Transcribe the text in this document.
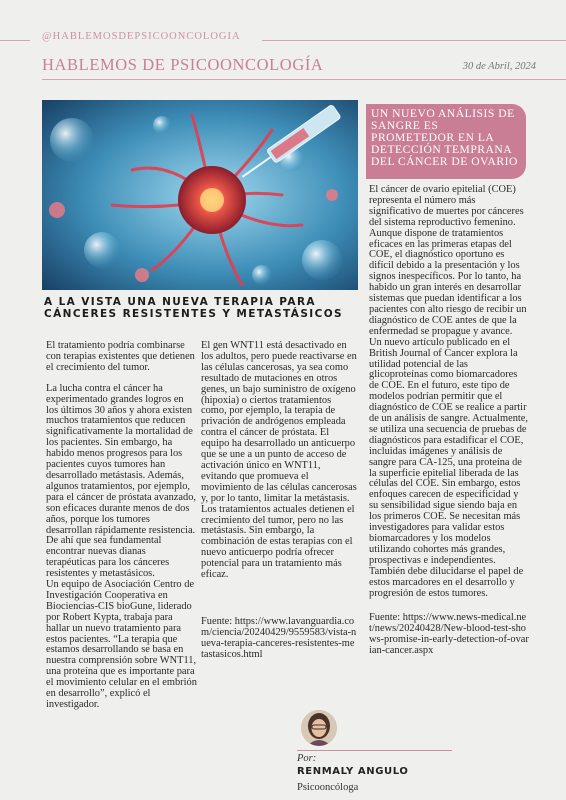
@HABLEMOSDEPSICOONCOLOGIA
HABLEMOS DE PSICOONCOLOGÍA	30 de Abril, 2024
A LA VISTA UNA NUEVA TERAPIA PARA CÁNCERES RESISTENTES Y METASTÁSICOS

El tratamiento podría combinarse con terapias existentes que detienen el crecimiento del tumor.

La lucha contra el cáncer ha experimentado grandes logros en los últimos 30 años y ahora existen muchos tratamientos que reducen significativamente la mortalidad de los pacientes. Sin embargo, ha habido menos progresos para los pacientes cuyos tumores han desarrollado metástasis. Además, algunos tratamientos, por ejemplo, para el cáncer de próstata avanzado, son eficaces durante menos de dos años, porque los tumores desarrollan rápidamente resistencia. De ahí que sea fundamental encontrar nuevas dianas terapéuticas para los cánceres resistentes y metastásicos.

Un equipo de Asociación Centro de Investigación Cooperativa en Biociencias-CIS bioGune, liderado por Robert Kypta, trabaja para hallar un nuevo tratamiento para estos pacientes. “La terapia que estamos desarrollando se basa en nuestra comprensión sobre WNT11, una proteína que es importante para el movimiento celular en el embrión en desarrollo”, explicó el investigador.

El gen WNT11 está desactivado en los adultos, pero puede reactivarse en las células cancerosas, ya sea como resultado de mutaciones en otros genes, un bajo suministro de oxígeno (hipoxia) o ciertos tratamientos como, por ejemplo, la terapia de privación de andrógenos empleada contra el cáncer de próstata. El equipo ha desarrollado un anticuerpo que se une a un punto de acceso de activación único en WNT11, evitando que promueva el movimiento de las células cancerosas y, por lo tanto, limitar la metástasis. Los tratamientos actuales detienen el crecimiento del tumor, pero no las metástasis. Sin embargo, la combinación de estas terapias con el nuevo anticuerpo podría ofrecer potencial para un tratamiento más eficaz.

Fuente: https://www.lavanguardia.com/ciencia/20240429/9559583/vista-nueva-terapia-canceres-resistentes-metastasicos.html

UN NUEVO ANÁLISIS DE SANGRE ES PROMETEDOR EN LA DETECCIÓN TEMPRANA DEL CÁNCER DE OVARIO

El cáncer de ovario epitelial (COE) representa el número más significativo de muertes por cánceres del sistema reproductivo femenino.

Aunque dispone de tratamientos eficaces en las primeras etapas del COE, el diagnóstico oportuno es difícil debido a la presentación y los signos inespecíficos. Por lo tanto, ha habido un gran interés en desarrollar sistemas que puedan identificar a los pacientes con alto riesgo de recibir un diagnóstico de COE antes de que la enfermedad se propague y avance.

Un nuevo artículo publicado en el British Journal of Cancer explora la utilidad potencial de las glicoproteínas como biomarcadores de COE. En el futuro, este tipo de modelos podrían permitir que el diagnóstico de COE se realice a partir de un análisis de sangre. Actualmente, se utiliza una secuencia de pruebas de diagnósticos para estadificar el COE, incluidas imágenes y análisis de sangre para CA-125, una proteína de la superficie epitelial liberada de las células del COE. Sin embargo, estos enfoques carecen de especificidad y su sensibilidad sigue siendo baja en los primeros COE. Se necesitan más investigadores para validar estos biomarcadores y los modelos utilizando cohortes más grandes, prospectivas e independientes. También debe dilucidarse el papel de estos marcadores en el desarrollo y progresión de estos tumores.

Fuente: https://www.news-medical.net/news/20240428/New-blood-test-shows-promise-in-early-detection-of-ovarian-cancer.aspx

Por:
RENMALY ANGULO
Psicooncóloga
